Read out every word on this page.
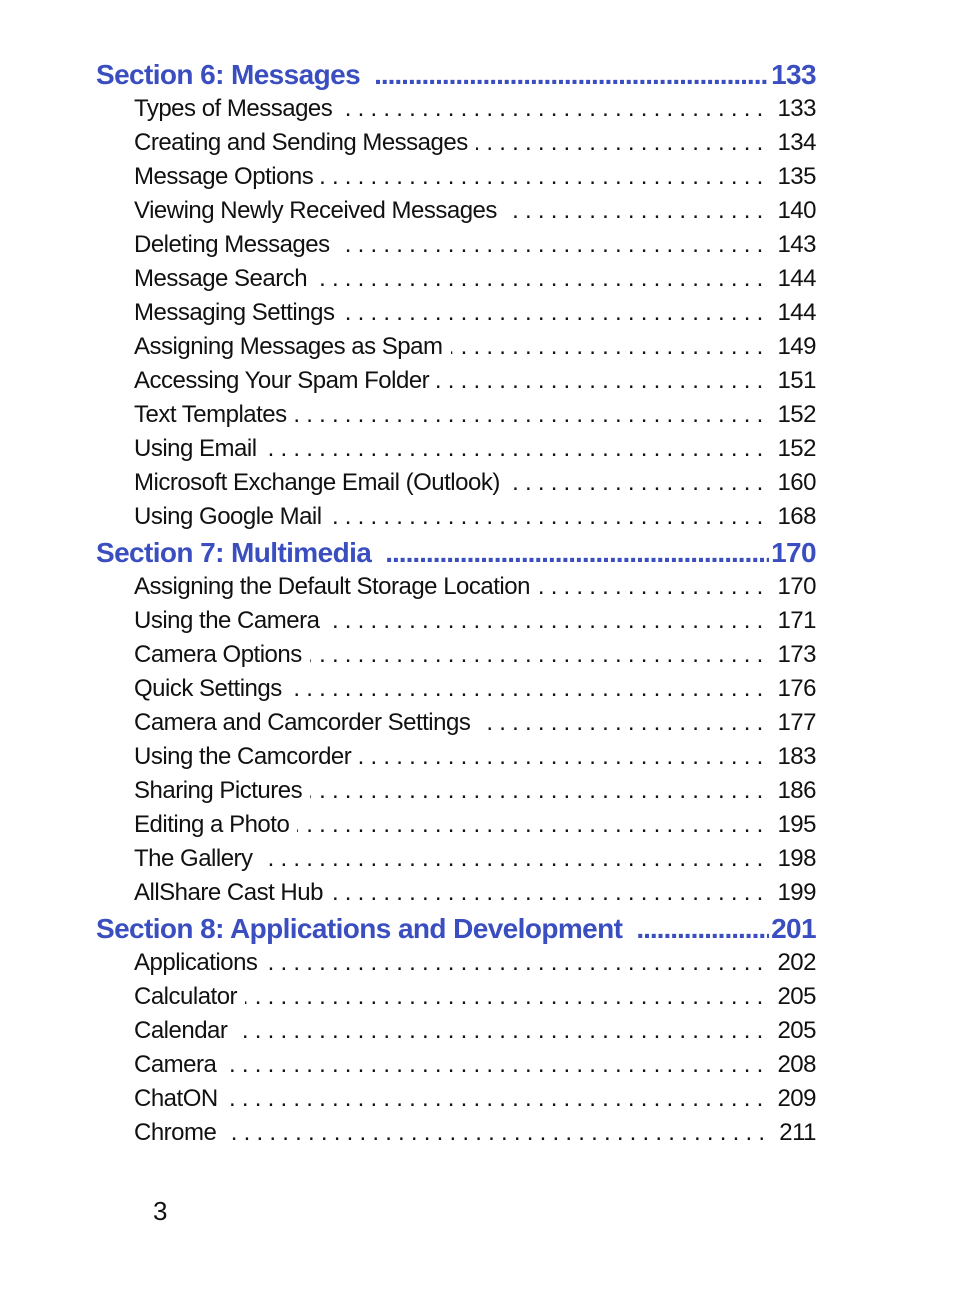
Section 6: Messages .....	133
Types of Messages .....	133
Creating and Sending Messages .....	134
Message Options .....	135
Viewing Newly Received Messages .....	140
Deleting Messages .....	143
Message Search .....	144
Messaging Settings .....	144
Assigning Messages as Spam .....	149
Accessing Your Spam Folder .....	151
Text Templates .....	152
Using Email .....	152
Microsoft Exchange Email (Outlook) .....	160
Using Google Mail .....	168
Section 7: Multimedia .....	170
Assigning the Default Storage Location .....	170
Using the Camera .....	171
Camera Options .....	173
Quick Settings .....	176
Camera and Camcorder Settings .....	177
Using the Camcorder .....	183
Sharing Pictures .....	186
Editing a Photo .....	195
The Gallery .....	198
AllShare Cast Hub .....	199
Section 8: Applications and Development .....	201
Applications .....	202
Calculator .....	205
Calendar .....	205
Camera .....	208
ChatON .....	209
Chrome .....	211
3
